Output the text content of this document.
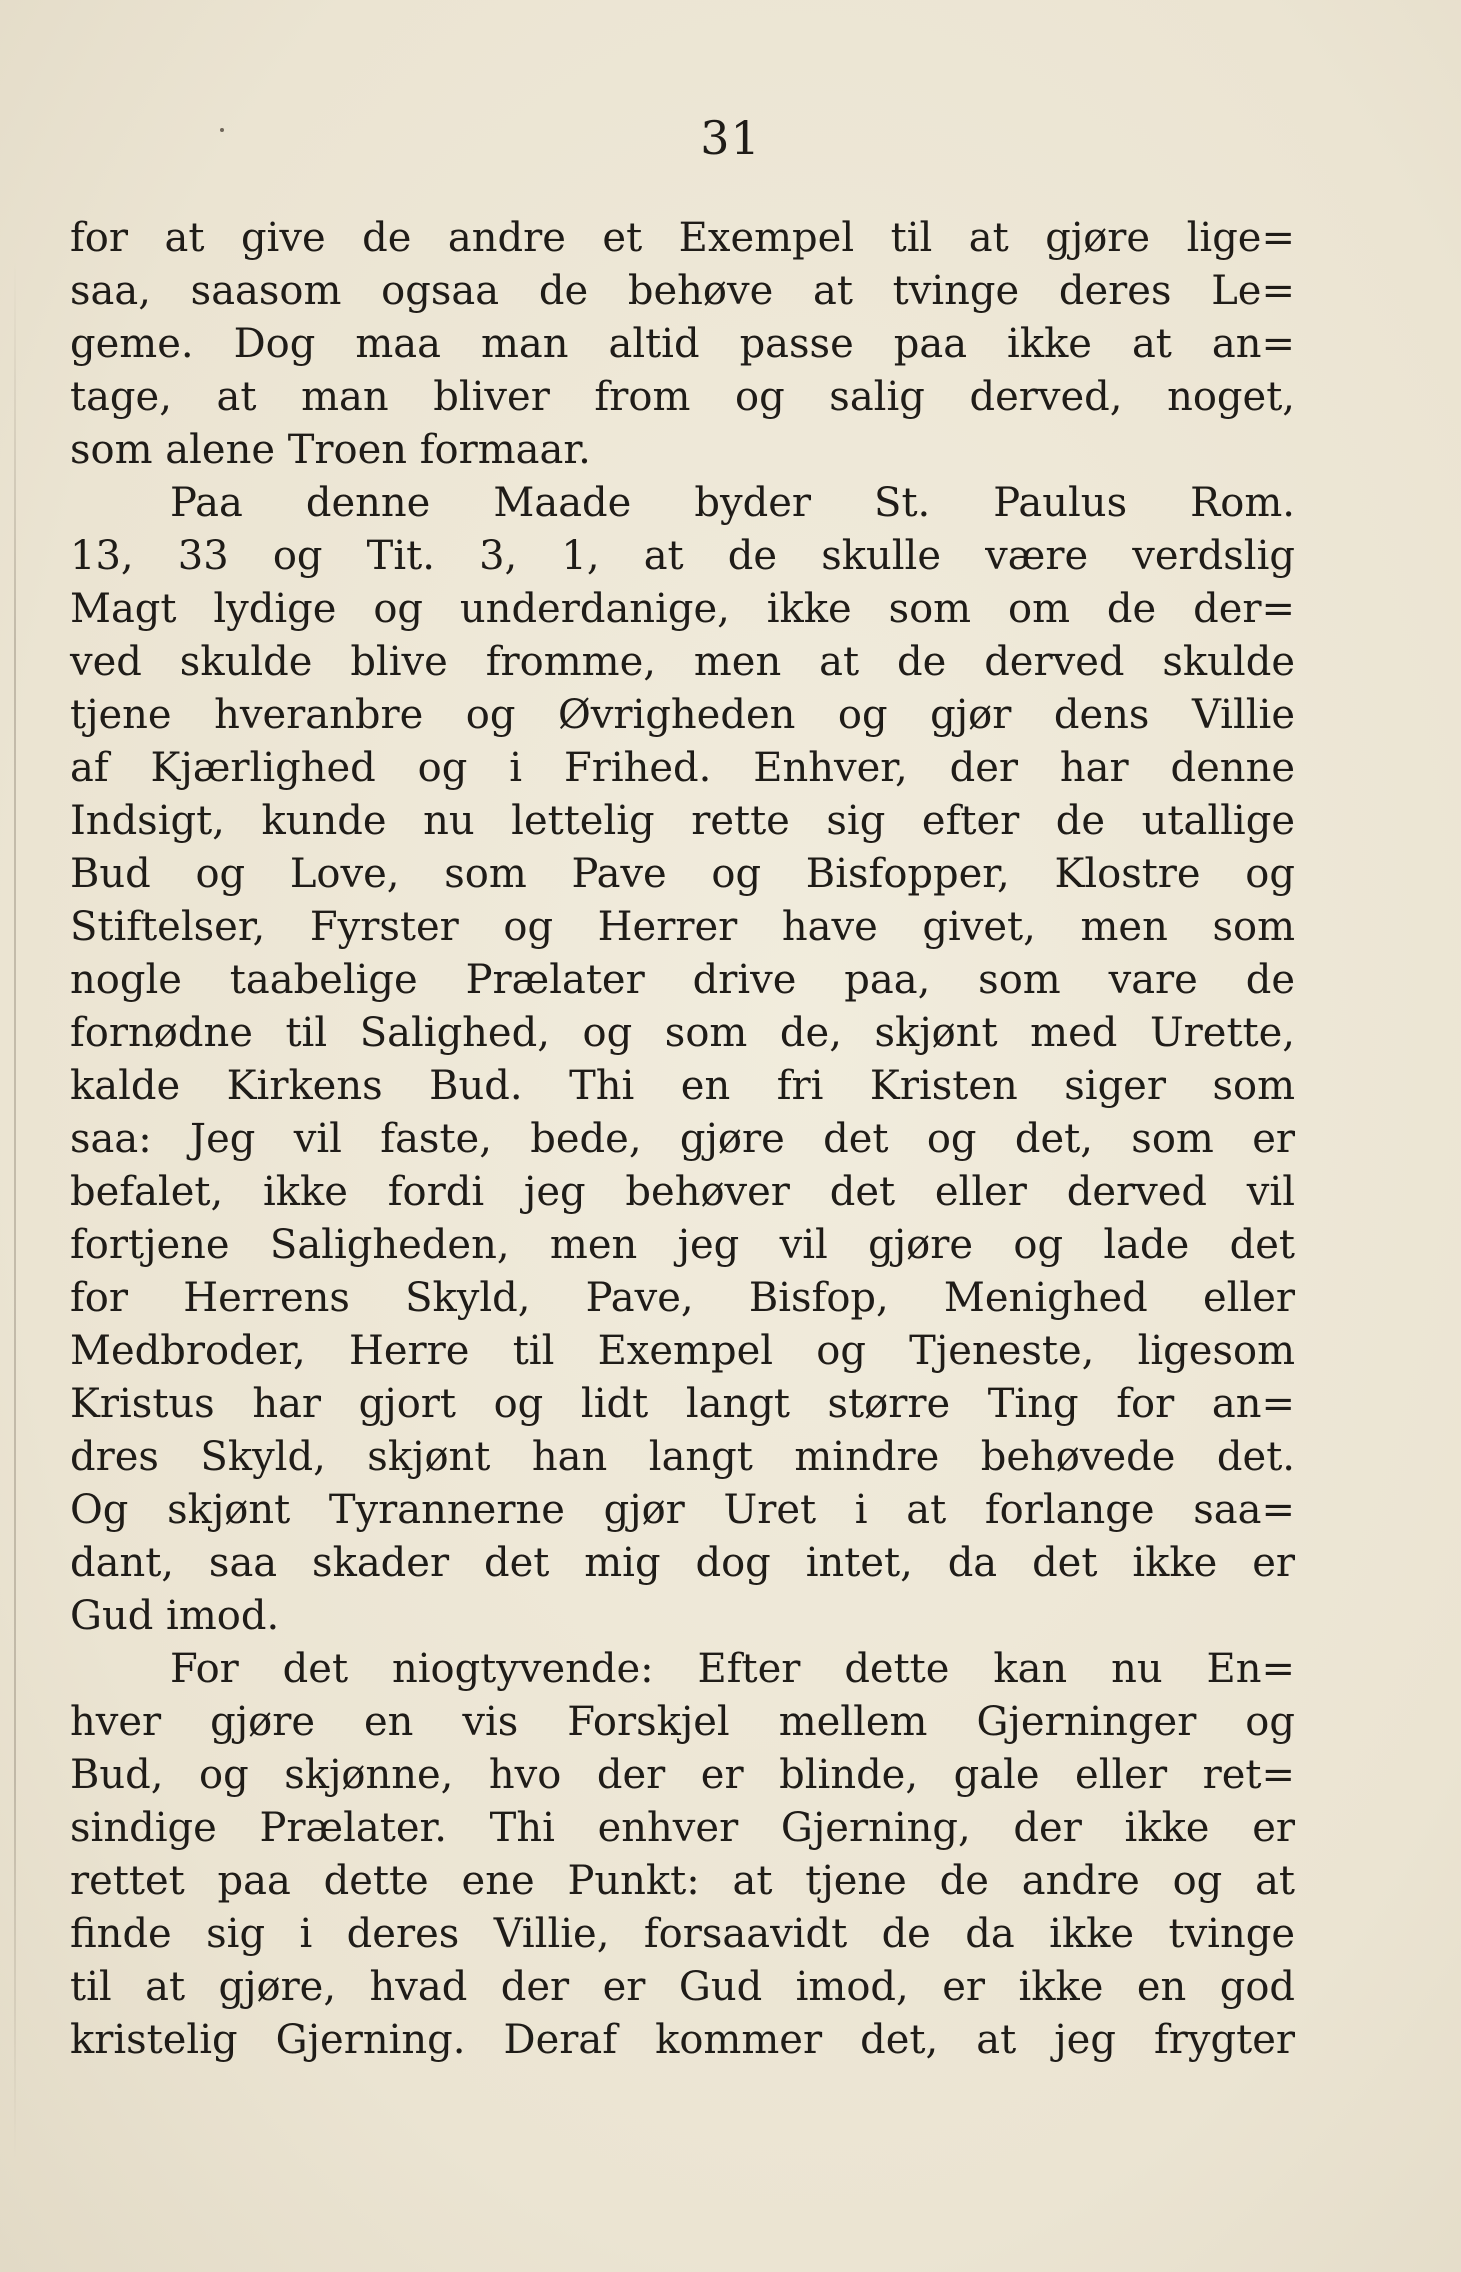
31
for at give de andre et Exempel til at gjøre lige=
saa, saasom ogsaa de behøve at tvinge deres Le=
geme. Dog maa man altid passe paa ikke at an=
tage, at man bliver from og salig derved, noget,
som alene Troen formaar.
Paa denne Maade byder St. Paulus Rom.
13, 33 og Tit. 3, 1, at de skulle være verdslig
Magt lydige og underdanige, ikke som om de der=
ved skulde blive fromme, men at de derved skulde
tjene hveranbre og Øvrigheden og gjør dens Villie
af Kjærlighed og i Frihed. Enhver, der har denne
Indsigt, kunde nu lettelig rette sig efter de utallige
Bud og Love, som Pave og Bisfopper, Klostre og
Stiftelser, Fyrster og Herrer have givet, men som
nogle taabelige Prælater drive paa, som vare de
fornødne til Salighed, og som de, skjønt med Urette,
kalde Kirkens Bud. Thi en fri Kristen siger som
saa: Jeg vil faste, bede, gjøre det og det, som er
befalet, ikke fordi jeg behøver det eller derved vil
fortjene Saligheden, men jeg vil gjøre og lade det
for Herrens Skyld, Pave, Bisfop, Menighed eller
Medbroder, Herre til Exempel og Tjeneste, ligesom
Kristus har gjort og lidt langt større Ting for an=
dres Skyld, skjønt han langt mindre behøvede det.
Og skjønt Tyrannerne gjør Uret i at forlange saa=
dant, saa skader det mig dog intet, da det ikke er
Gud imod.
For det niogtyvende: Efter dette kan nu En=
hver gjøre en vis Forskjel mellem Gjerninger og
Bud, og skjønne, hvo der er blinde, gale eller ret=
sindige Prælater. Thi enhver Gjerning, der ikke er
rettet paa dette ene Punkt: at tjene de andre og at
finde sig i deres Villie, forsaavidt de da ikke tvinge
til at gjøre, hvad der er Gud imod, er ikke en god
kristelig Gjerning. Deraf kommer det, at jeg frygter
